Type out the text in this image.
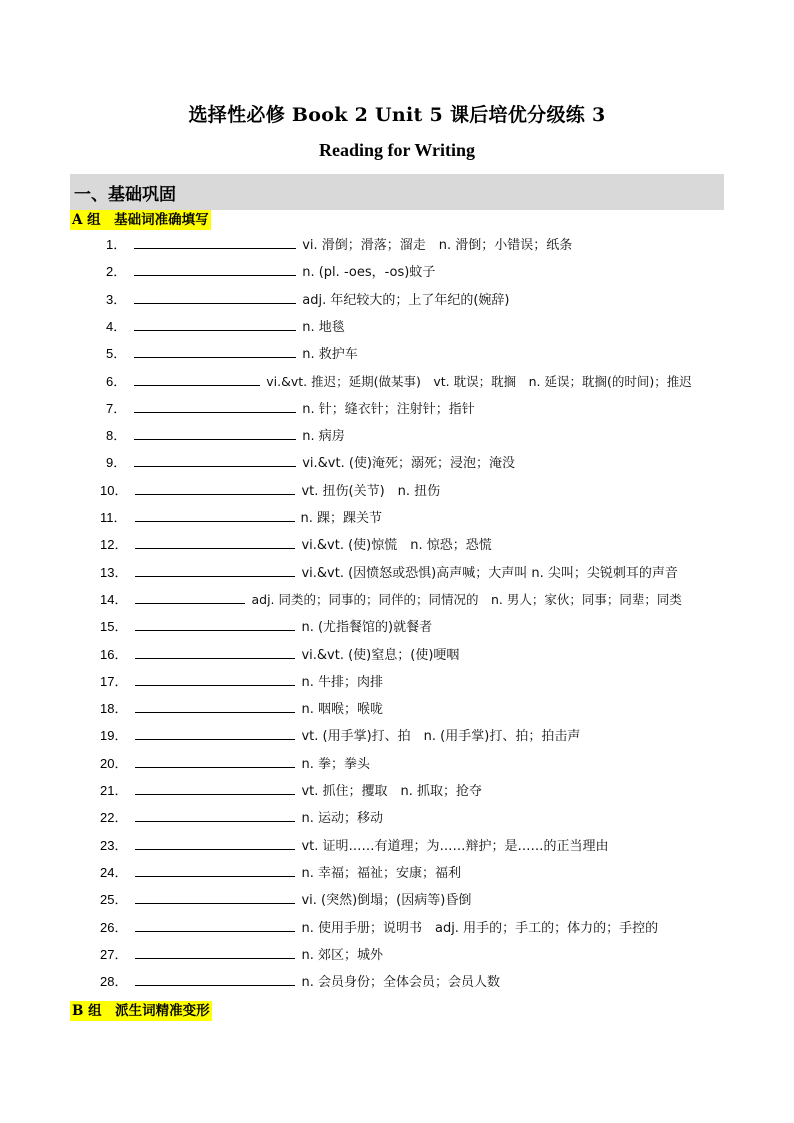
选择性必修 Book 2 Unit 5 课后培优分级练 3
Reading for Writing
一、基础巩固
A 组　基础词准确填写
1．	vi. 滑倒；滑落；溜走　n. 滑倒；小错误；纸条
2．	n. (pl. -oes，-os)蚊子
3．	adj. 年纪较大的；上了年纪的(婉辞)
4．	n. 地毯
5．	n. 救护车
6．	vi.&vt. 推迟；延期(做某事)　vt. 耽误；耽搁　n. 延误；耽搁(的时间)；推迟
7．	n. 针；缝衣针；注射针；指针
8．	n. 病房
9．	vi.&vt. (使)淹死；溺死；浸泡；淹没
10．	vt. 扭伤(关节)　n. 扭伤
11．	n. 踝；踝关节
12．	vi.&vt. (使)惊慌　n. 惊恐；恐慌
13．	vi.&vt. (因愤怒或恐惧)高声喊；大声叫 n. 尖叫；尖锐刺耳的声音
14．	adj. 同类的；同事的；同伴的；同情况的　n. 男人；家伙；同事；同辈；同类
15．	n. (尤指餐馆的)就餐者
16．	vi.&vt. (使)窒息；(使)哽咽
17．	n. 牛排；肉排
18．	n. 咽喉；喉咙
19．	vt. (用手掌)打、拍　n. (用手掌)打、拍；拍击声
20．	n. 拳；拳头
21．	vt. 抓住；攫取　n. 抓取；抢夺
22．	n. 运动；移动
23．	vt. 证明……有道理；为……辩护；是……的正当理由
24．	n. 幸福；福祉；安康；福利
25．	vi. (突然)倒塌；(因病等)昏倒
26．	n. 使用手册；说明书　adj. 用手的；手工的；体力的；手控的
27．	n. 郊区；城外
28．	n. 会员身份；全体会员；会员人数
B 组　派生词精准变形
